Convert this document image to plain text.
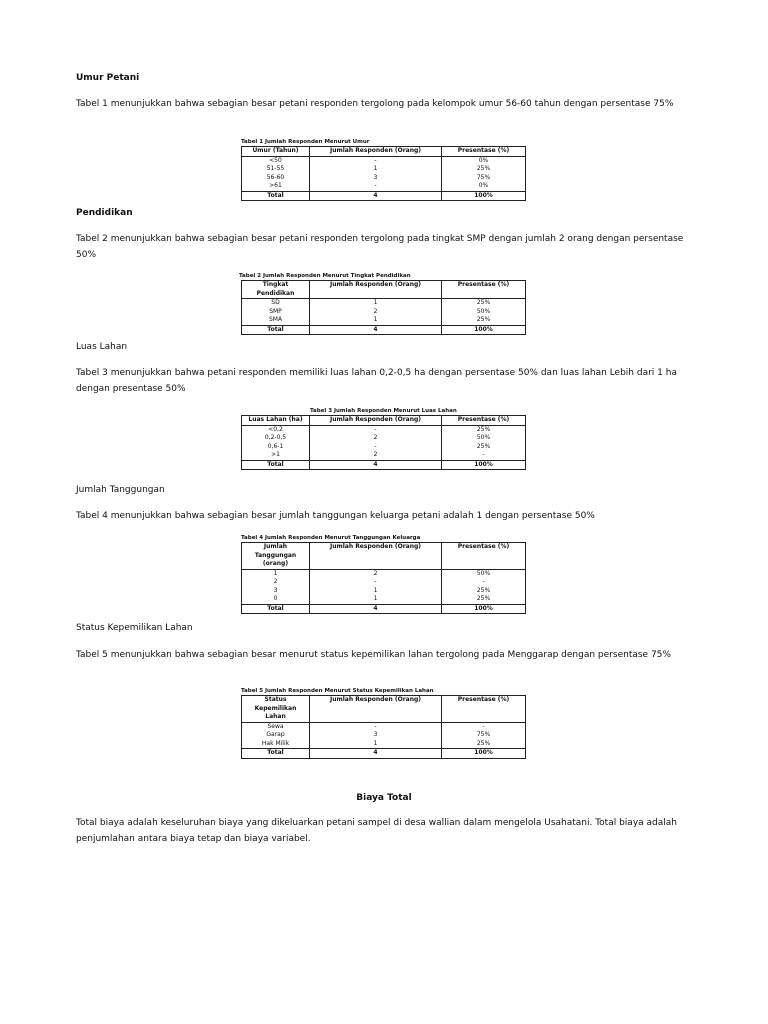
Umur Petani
Tabel 1 menunjukkan bahwa sebagian besar petani responden tergolong pada kelompok umur 56-60 tahun dengan persentase 75%
Tabel 1 Jumlah Responden Menurut Umur
Umur (Tahun)	Jumlah Responden (Orang)	Presentase (%)
<50	-	0%
51-55	1	25%
56-60	3	75%
>61	-	0%
Total	4	100%
Pendidikan
Tabel 2 menunjukkan bahwa sebagian besar petani responden tergolong pada tingkat SMP dengan jumlah 2 orang dengan persentase 50%
Tabel 2 Jumlah Responden Menurut Tingkat Pendidikan
Tingkat Pendidikan	Jumlah Responden (Orang)	Presentase (%)
SD	1	25%
SMP	2	50%
SMA	1	25%
Total	4	100%
Luas Lahan
Tabel 3 menunjukkan bahwa petani responden memiliki luas lahan 0,2-0,5 ha dengan persentase 50% dan luas lahan Lebih dari 1 ha dengan presentase 50%
Tabel 3 Jumlah Responden Menurut Luas Lahan
Luas Lahan (ha)	Jumlah Responden (Orang)	Presentase (%)
<0,2	-	25%
0,2-0,5	2	50%
0,6-1	-	25%
>1	2	-
Total	4	100%
Jumlah Tanggungan
Tabel 4 menunjukkan bahwa sebagian besar jumlah tanggungan keluarga petani adalah 1 dengan persentase 50%
Tabel 4 Jumlah Responden Menurut Tanggungan Keluarga
Jumlah Tanggungan (orang)	Jumlah Responden (Orang)	Presentase (%)
1	2	50%
2	-	-
3	1	25%
0	1	25%
Total	4	100%
Status Kepemilikan Lahan
Tabel 5 menunjukkan bahwa sebagian besar menurut status kepemilikan lahan tergolong pada Menggarap dengan persentase 75%
Tabel 5 Jumlah Responden Menurut Status Kepemilikan Lahan
Status Kepemilikan Lahan	Jumlah Responden (Orang)	Presentase (%)
Sewa	-	-
Garap	3	75%
Hak Milik	1	25%
Total	4	100%
Biaya Total
Total biaya adalah keseluruhan biaya yang dikeluarkan petani sampel di desa wallian dalam mengelola Usahatani. Total biaya adalah penjumlahan antara biaya tetap dan biaya variabel.
